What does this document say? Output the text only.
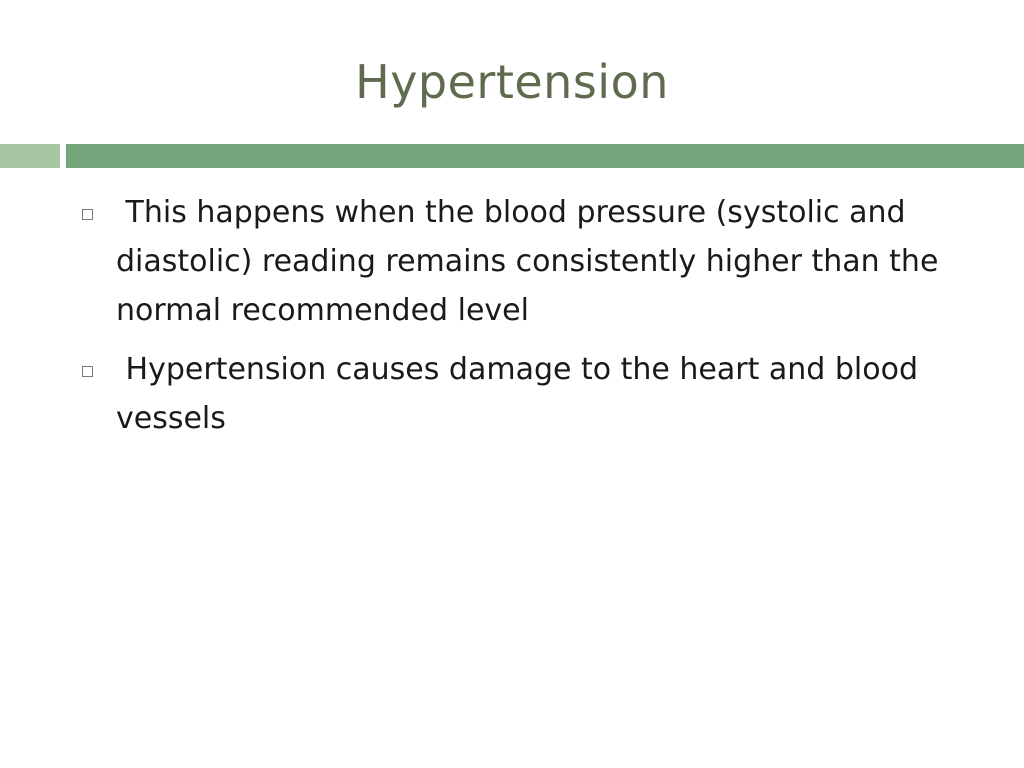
Hypertension
This happens when the blood pressure (systolic and diastolic) reading remains consistently higher than the normal recommended level
Hypertension causes damage to the heart and blood vessels
